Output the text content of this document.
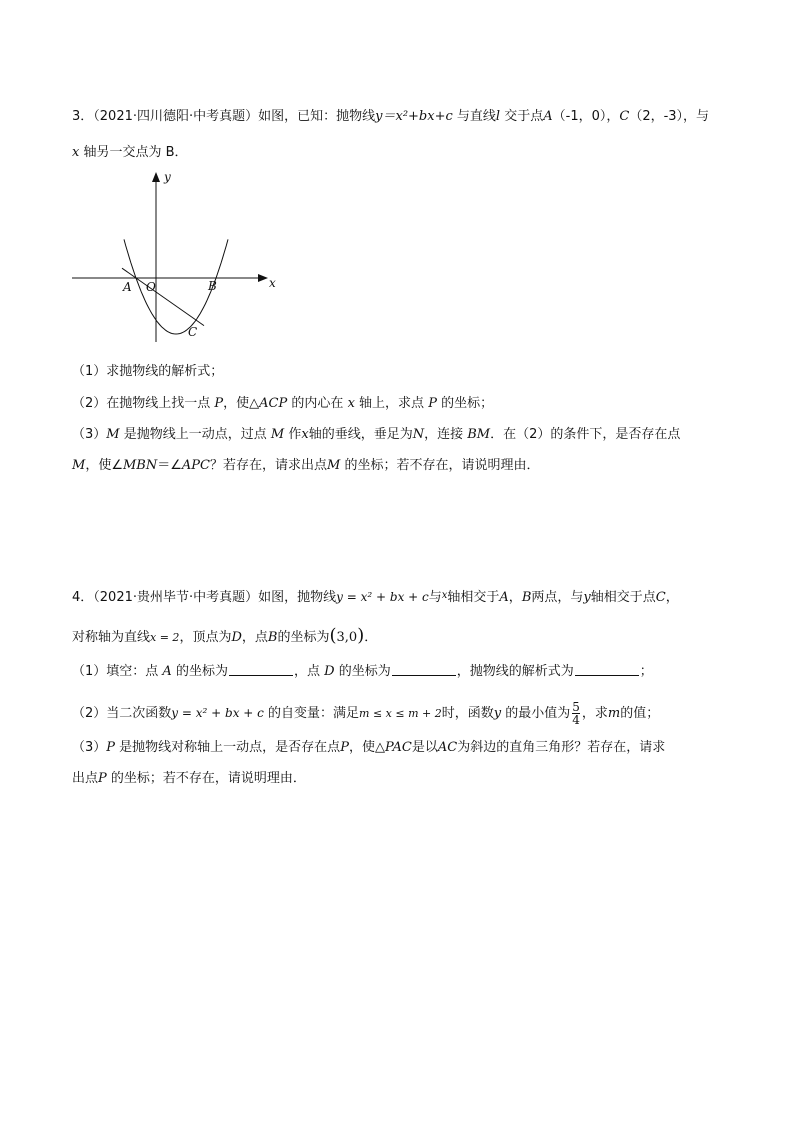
3．（2021·四川德阳·中考真题）如图，已知：抛物线y＝x²+bx+c 与直线l 交于点A（-1，0），C（2，-3），与
x 轴另一交点为 B．
y
x
A O	B
C
（1）求抛物线的解析式；
（2）在抛物线上找一点 P，使△ACP 的内心在 x 轴上，求点 P 的坐标；
（3）M 是抛物线上一动点，过点 M 作x轴的垂线，垂足为N，连接 BM．在（2）的条件下，是否存在点
M，使∠MBN＝∠APC？若存在，请求出点M 的坐标；若不存在，请说明理由．
4．（2021·贵州毕节·中考真题）如图，抛物线y = x² + bx + c与$^x$轴相交于A，B两点，与y轴相交于点C，
对称轴为直线x = 2，顶点为D，点B的坐标为(3,0)．
（1）填空：点 A 的坐标为	，点 D 的坐标为	，抛物线的解析式为	；
（2）当二次函数y = x² + bx + c 的自变量：满足m ≤ x ≤ m + 2时，函数y 的最小值为 $\frac{5}{4}$ ，求m的值；
（3）P 是抛物线对称轴上一动点，是否存在点P，使△PAC是以AC为斜边的直角三角形？若存在，请求
出点P 的坐标；若不存在，请说明理由．
